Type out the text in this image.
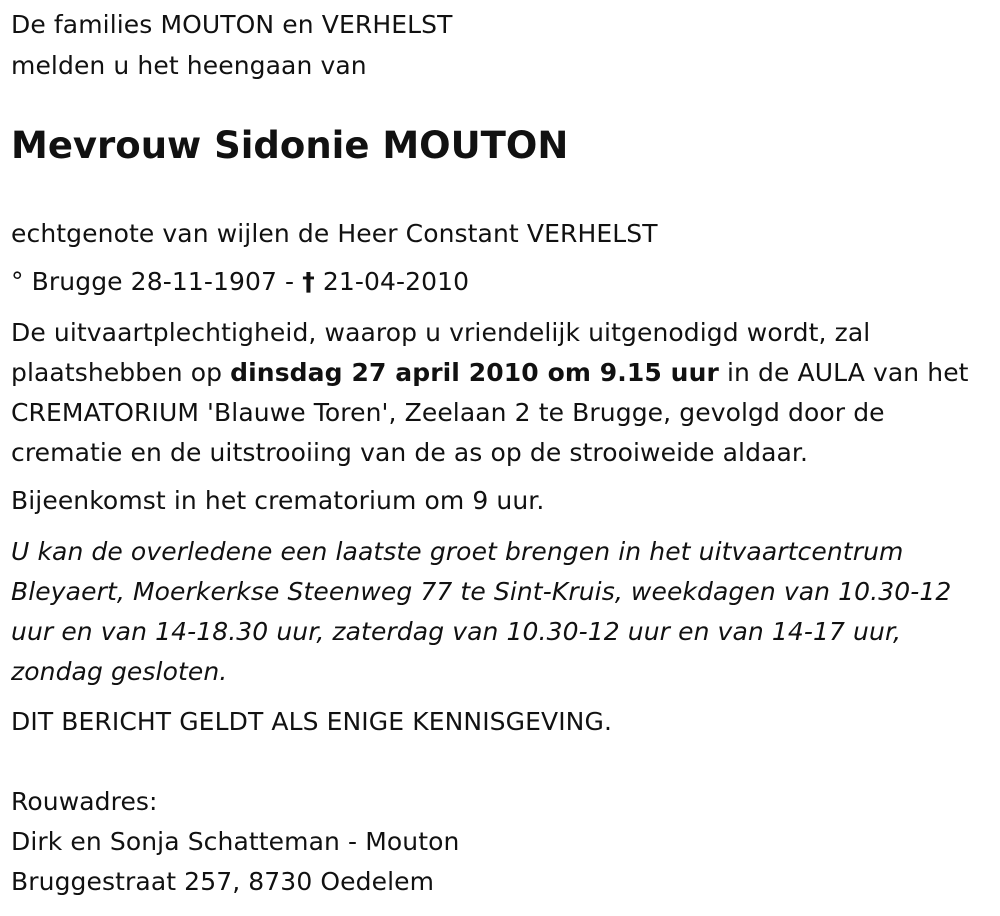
De families MOUTON en VERHELST
melden u het heengaan van
Mevrouw Sidonie MOUTON
echtgenote van wijlen de Heer Constant VERHELST
° Brugge 28-11-1907 - † 21-04-2010
De uitvaartplechtigheid, waarop u vriendelijk uitgenodigd wordt, zal
plaatshebben op dinsdag 27 april 2010 om 9.15 uur in de AULA van het
CREMATORIUM 'Blauwe Toren', Zeelaan 2 te Brugge, gevolgd door de
crematie en de uitstrooiing van de as op de strooiweide aldaar.
Bijeenkomst in het crematorium om 9 uur.
U kan de overledene een laatste groet brengen in het uitvaartcentrum
Bleyaert, Moerkerkse Steenweg 77 te Sint-Kruis, weekdagen van 10.30-12
uur en van 14-18.30 uur, zaterdag van 10.30-12 uur en van 14-17 uur,
zondag gesloten.
DIT BERICHT GELDT ALS ENIGE KENNISGEVING.
Rouwadres:
Dirk en Sonja Schatteman - Mouton
Bruggestraat 257, 8730 Oedelem
